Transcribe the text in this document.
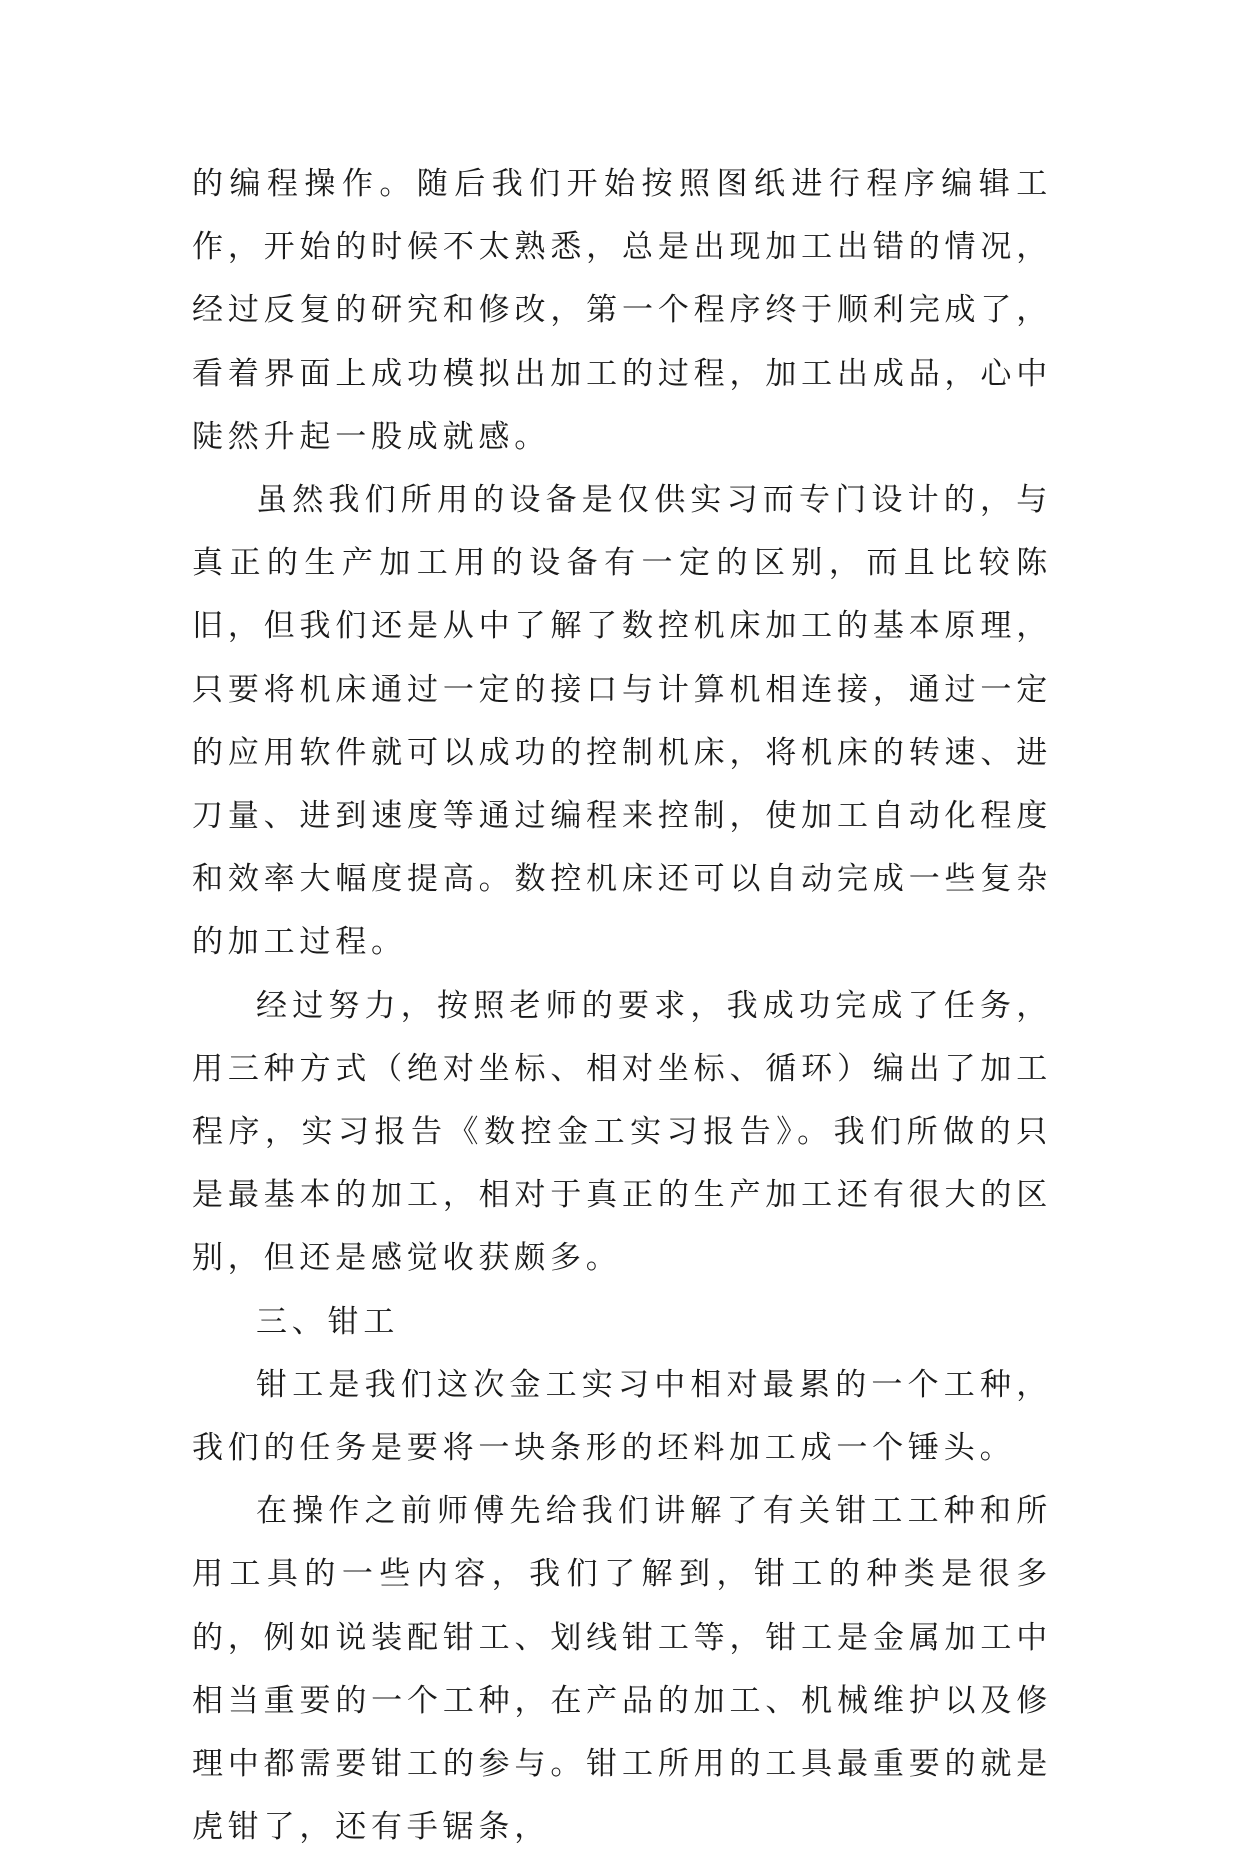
的编程操作。随后我们开始按照图纸进行程序编辑工作，开始的时候不太熟悉，总是出现加工出错的情况，经过反复的研究和修改，第一个程序终于顺利完成了，看着界面上成功模拟出加工的过程，加工出成品，心中陡然升起一股成就感。

虽然我们所用的设备是仅供实习而专门设计的，与真正的生产加工用的设备有一定的区别，而且比较陈旧，但我们还是从中了解了数控机床加工的基本原理，只要将机床通过一定的接口与计算机相连接，通过一定的应用软件就可以成功的控制机床，将机床的转速、进刀量、进到速度等通过编程来控制，使加工自动化程度和效率大幅度提高。数控机床还可以自动完成一些复杂的加工过程。

经过努力，按照老师的要求，我成功完成了任务，用三种方式（绝对坐标、相对坐标、循环）编出了加工程序，实习报告《数控金工实习报告》。我们所做的只是最基本的加工，相对于真正的生产加工还有很大的区别，但还是感觉收获颇多。

三、钳工

钳工是我们这次金工实习中相对最累的一个工种，我们的任务是要将一块条形的坯料加工成一个锤头。

在操作之前师傅先给我们讲解了有关钳工工种和所用工具的一些内容，我们了解到，钳工的种类是很多的，例如说装配钳工、划线钳工等，钳工是金属加工中相当重要的一个工种，在产品的加工、机械维护以及修理中都需要钳工的参与。钳工所用的工具最重要的就是虎钳了，还有手锯条，
